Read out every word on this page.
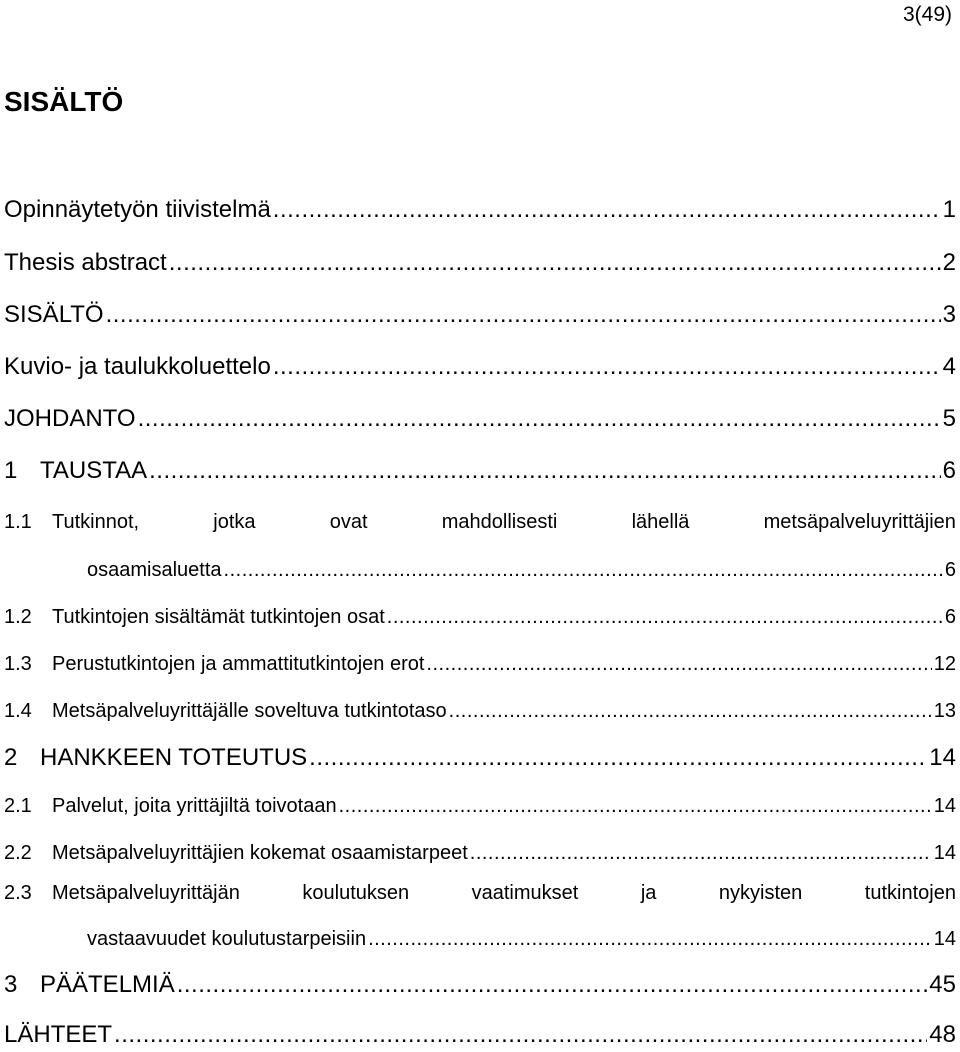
3(49)
SISÄLTÖ
Opinnäytetyön tiivistelmä .....	1
Thesis abstract .....	2
SISÄLTÖ .....	3
Kuvio- ja taulukkoluettelo .....	4
JOHDANTO .....	5
1 TAUSTAA .....	6
1.1	Tutkinnot,	jotka	ovat	mahdollisesti	lähellä	metsäpalveluyrittäjien
osaamisaluetta .....	6
1.2	Tutkintojen sisältämät tutkintojen osat .....	6
1.3	Perustutkintojen ja ammattitutkintojen erot .....	12
1.4	Metsäpalveluyrittäjälle soveltuva tutkintotaso .....	13
2 HANKKEEN TOTEUTUS .....	14
2.1	Palvelut, joita yrittäjiltä toivotaan .....	14
2.2	Metsäpalveluyrittäjien kokemat osaamistarpeet .....	14
2.3	Metsäpalveluyrittäjän	koulutuksen	vaatimukset	ja	nykyisten	tutkintojen
vastaavuudet koulutustarpeisiin .....	14
3 PÄÄTELMIÄ .....	45
LÄHTEET .....	48
